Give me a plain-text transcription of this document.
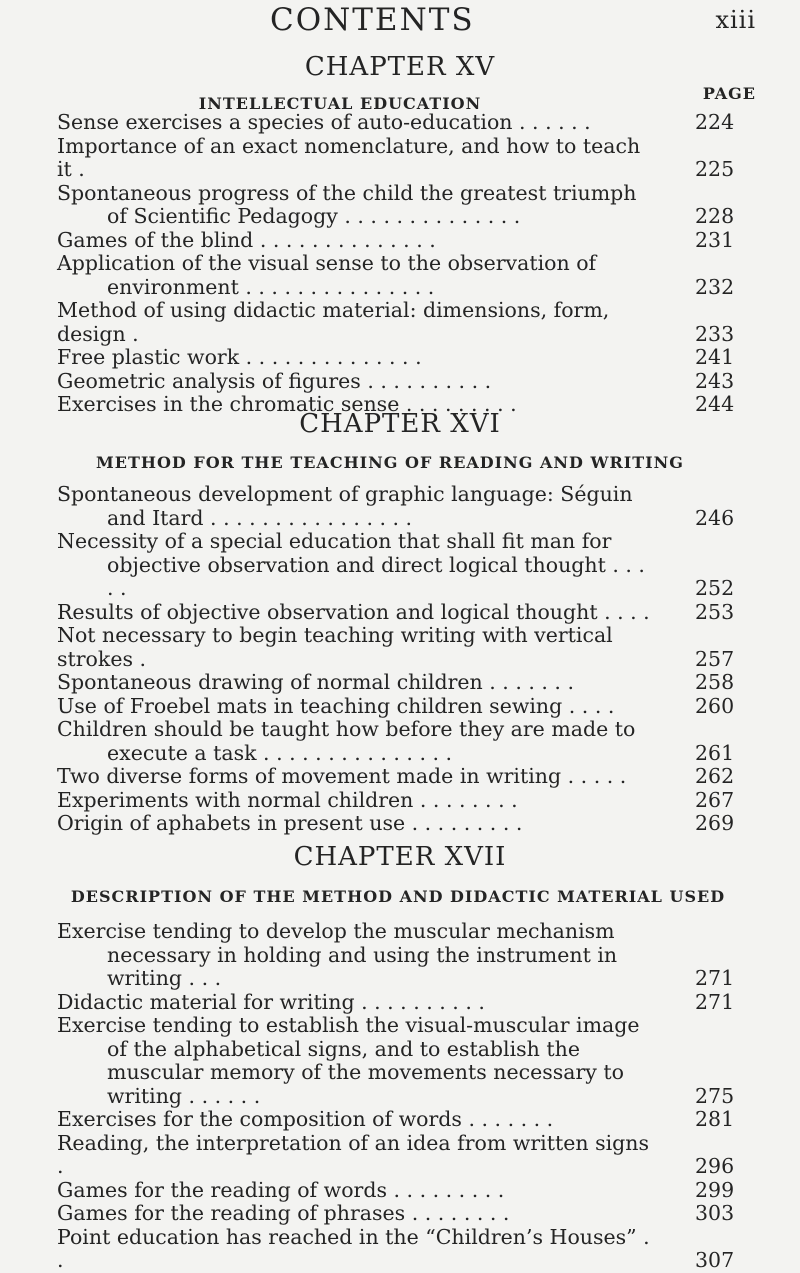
CONTENTS	xiii
CHAPTER XV
INTELLECTUAL EDUCATION
PAGE
Sense exercises a species of auto-education . . . . . .	224
Importance of an exact nomenclature, and how to teach it .	225
Spontaneous progress of the child the greatest triumph of Scientific Pedagogy . . . . . . . . . . . . . .	228
Games of the blind . . . . . . . . . . . . . .	231
Application of the visual sense to the observation of environment . . . . . . . . . . . . . . .	232
Method of using didactic material: dimensions, form, design .	233
Free plastic work . . . . . . . . . . . . . .	241
Geometric analysis of figures . . . . . . . . . .	243
Exercises in the chromatic sense . . . . . . . . .	244
CHAPTER XVI
METHOD FOR THE TEACHING OF READING AND WRITING
Spontaneous development of graphic language: Séguin and Itard . . . . . . . . . . . . . . . .	246
Necessity of a special education that shall fit man for objective observation and direct logical thought . . . . .	252
Results of objective observation and logical thought . . . .	253
Not necessary to begin teaching writing with vertical strokes .	257
Spontaneous drawing of normal children . . . . . . .	258
Use of Froebel mats in teaching children sewing . . . .	260
Children should be taught how before they are made to execute a task . . . . . . . . . . . . . . .	261
Two diverse forms of movement made in writing . . . . .	262
Experiments with normal children . . . . . . . .	267
Origin of aphabets in present use . . . . . . . . .	269
CHAPTER XVII
DESCRIPTION OF THE METHOD AND DIDACTIC MATERIAL USED
Exercise tending to develop the muscular mechanism necessary in holding and using the instrument in writing . . .	271
Didactic material for writing . . . . . . . . . .	271
Exercise tending to establish the visual-muscular image of the alphabetical signs, and to establish the muscular memory of the movements necessary to writing . . . . . .	275
Exercises for the composition of words . . . . . . .	281
Reading, the interpretation of an idea from written signs .	296
Games for the reading of words . . . . . . . . .	299
Games for the reading of phrases . . . . . . . .	303
Point education has reached in the “Children’s Houses” . .	307
